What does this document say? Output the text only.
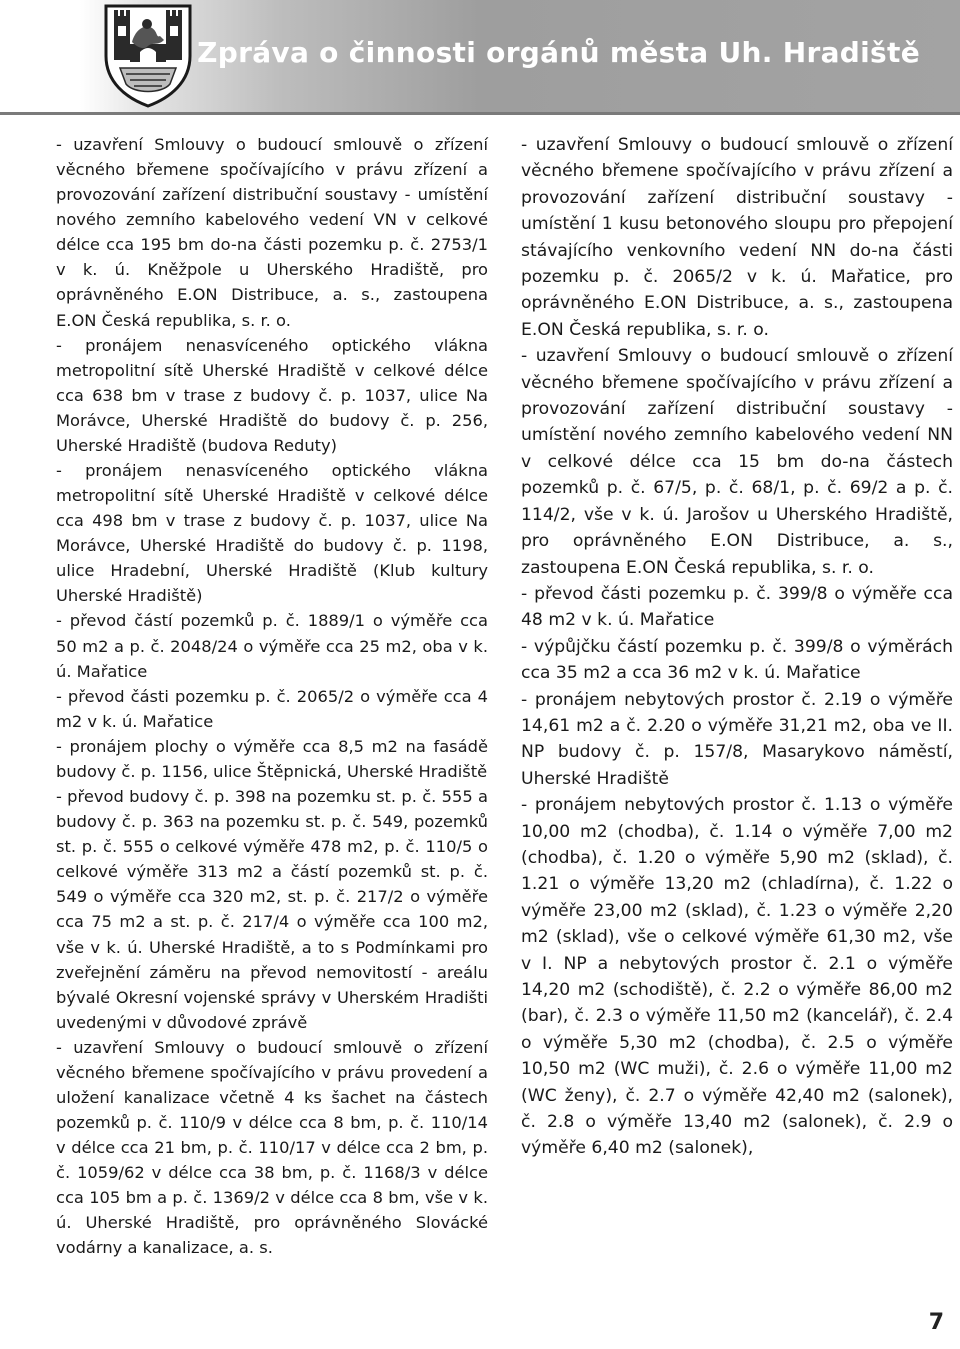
Zpráva o činnosti orgánů města Uh. Hradiště

- uzavření Smlouvy o budoucí smlouvě o zřízení věcného břemene spočívajícího v právu zřízení a provozování zařízení distribuční soustavy - umístění nového zemního kabelového vedení VN v celkové délce cca 195 bm do-na části pozemku p. č. 2753/1 v k. ú. Kněžpole u Uherského Hradiště, pro oprávněného E.ON Distribuce, a. s., zastoupena E.ON Česká republika, s. r. o.

- pronájem nenasvíceného optického vlákna metropolitní sítě Uherské Hradiště v celkové délce cca 638 bm v trase z budovy č. p. 1037, ulice Na Morávce, Uherské Hradiště do budovy č. p. 256, Uherské Hradiště (budova Reduty)

- pronájem nenasvíceného optického vlákna metropolitní sítě Uherské Hradiště v celkové délce cca 498 bm v trase z budovy č. p. 1037, ulice Na Morávce, Uherské Hradiště do budovy č. p. 1198, ulice Hradební, Uherské Hradiště (Klub kultury Uherské Hradiště)

- převod částí pozemků p. č. 1889/1 o výměře cca 50 m2 a p. č. 2048/24 o výměře cca 25 m2, oba v k. ú. Mařatice

- převod části pozemku p. č. 2065/2 o výměře cca 4 m2 v k. ú. Mařatice

- pronájem plochy o výměře cca 8,5 m2 na fasádě budovy č. p. 1156, ulice Štěpnická, Uherské Hradiště

- převod budovy č. p. 398 na pozemku st. p. č. 555 a budovy č. p. 363 na pozemku st. p. č. 549, pozemků st. p. č. 555 o celkové výměře 478 m2, p. č. 110/5 o celkové výměře 313 m2 a částí pozemků st. p. č. 549 o výměře cca 320 m2, st. p. č. 217/2 o výměře cca 75 m2 a st. p. č. 217/4 o výměře cca 100 m2, vše v k. ú. Uherské Hradiště, a to s Podmínkami pro zveřejnění záměru na převod nemovitostí - areálu bývalé Okresní vojenské správy v Uherském Hradišti uvedenými v důvodové zprávě

- uzavření Smlouvy o budoucí smlouvě o zřízení věcného břemene spočívajícího v právu provedení a uložení kanalizace včetně 4 ks šachet na částech pozemků p. č. 110/9 v délce cca 8 bm, p. č. 110/14 v délce cca 21 bm, p. č. 110/17 v délce cca 2 bm, p. č. 1059/62 v délce cca 38 bm, p. č. 1168/3 v délce cca 105 bm a p. č. 1369/2 v délce cca 8 bm, vše v k. ú. Uherské Hradiště, pro oprávněného Slovácké vodárny a kanalizace, a. s.

- uzavření Smlouvy o budoucí smlouvě o zřízení věcného břemene spočívajícího v právu zřízení a provozování zařízení distribuční soustavy - umístění 1 kusu betonového sloupu pro přepojení stávajícího venkovního vedení NN do-na části pozemku p. č. 2065/2 v k. ú. Mařatice, pro oprávněného E.ON Distribuce, a. s., zastoupena E.ON Česká republika, s. r. o.

- uzavření Smlouvy o budoucí smlouvě o zřízení věcného břemene spočívajícího v právu zřízení a provozování zařízení distribuční soustavy - umístění nového zemního kabelového vedení NN v celkové délce cca 15 bm do-na částech pozemků p. č. 67/5, p. č. 68/1, p. č. 69/2 a p. č. 114/2, vše v k. ú. Jarošov u Uherského Hradiště, pro oprávněného E.ON Distribuce, a. s., zastoupena E.ON Česká republika, s. r. o.

- převod části pozemku p. č. 399/8 o výměře cca 48 m2 v k. ú. Mařatice

- výpůjčku částí pozemku p. č. 399/8 o výměrách cca 35 m2 a cca 36 m2 v k. ú. Mařatice

- pronájem nebytových prostor č. 2.19 o výměře 14,61 m2 a č. 2.20 o výměře 31,21 m2, oba ve II. NP budovy č. p. 157/8, Masarykovo náměstí, Uherské Hradiště

- pronájem nebytových prostor č. 1.13 o výměře 10,00 m2 (chodba), č. 1.14 o výměře 7,00 m2 (chodba), č. 1.20 o výměře 5,90 m2 (sklad), č. 1.21 o výměře 13,20 m2 (chladírna), č. 1.22 o výměře 23,00 m2 (sklad), č. 1.23 o výměře 2,20 m2 (sklad), vše o celkové výměře 61,30 m2, vše v I. NP a nebytových prostor č. 2.1 o výměře 14,20 m2 (schodiště), č. 2.2 o výměře 86,00 m2 (bar), č. 2.3 o výměře 11,50 m2 (kancelář), č. 2.4 o výměře 5,30 m2 (chodba), č. 2.5 o výměře 10,50 m2 (WC muži), č. 2.6 o výměře 11,00 m2 (WC ženy), č. 2.7 o výměře 42,40 m2 (salonek), č. 2.8 o výměře 13,40 m2 (salonek), č. 2.9 o výměře 6,40 m2 (salonek),

7
